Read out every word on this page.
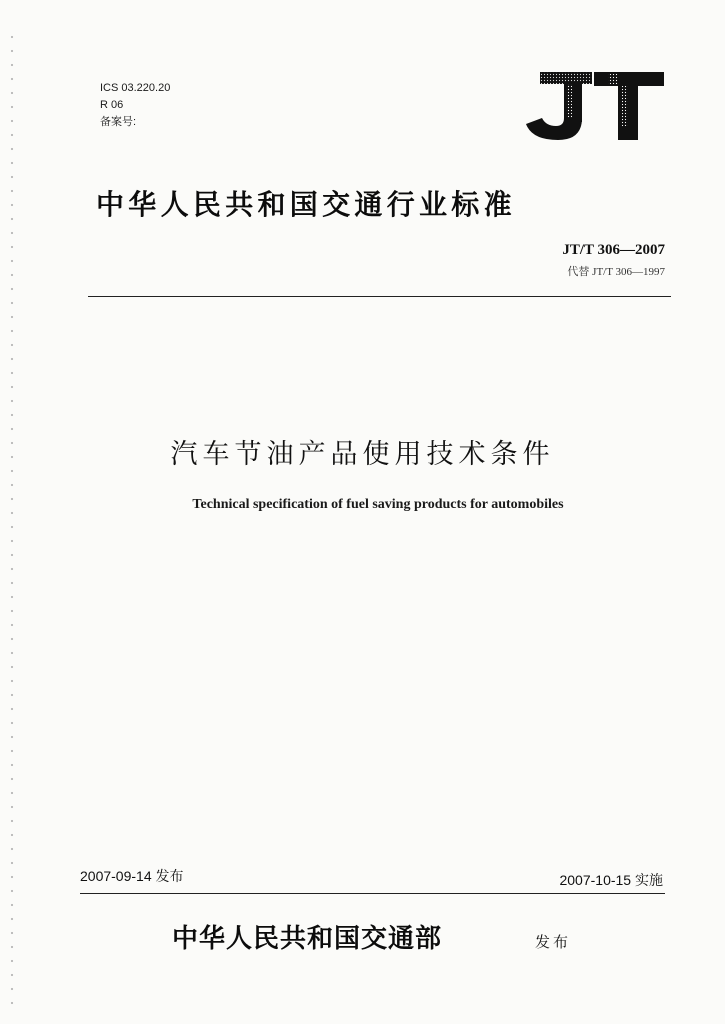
ICS 03.220.20
R 06
备案号:
中华人民共和国交通行业标准
JT/T 306—2007
代替 JT/T 306—1997
汽车节油产品使用技术条件
Technical specification of fuel saving products for automobiles
2007-09-14 发布	2007-10-15 实施
中华人民共和国交通部	发布
